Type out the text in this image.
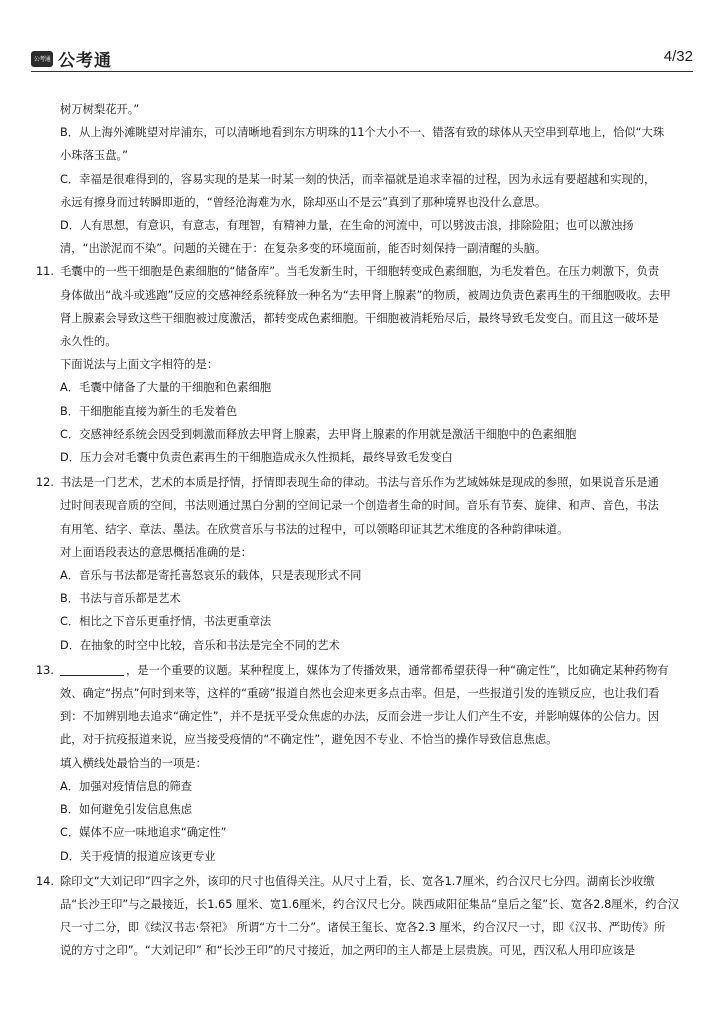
公考通 公考通	4/32
树万树梨花开。”
B．从上海外滩眺望对岸浦东，可以清晰地看到东方明珠的11个大小不一、错落有致的球体从天空串到草地上，恰似“大珠
小珠落玉盘。”
C．幸福是很难得到的，容易实现的是某一时某一刻的快活，而幸福就是追求幸福的过程，因为永远有要超越和实现的，
永远有擦身而过转瞬即逝的，“曾经沧海难为水，除却巫山不是云”真到了那种境界也没什么意思。
D．人有思想，有意识，有意志，有理智，有精神力量，在生命的河流中，可以劈波击浪，排除险阻；也可以激浊扬
清，“出淤泥而不染”。问题的关键在于：在复杂多变的环境面前，能否时刻保持一副清醒的头脑。
11. 毛囊中的一些干细胞是色素细胞的“储备库”。当毛发新生时，干细胞转变成色素细胞，为毛发着色。在压力刺激下，负责
身体做出“战斗或逃跑”反应的交感神经系统释放一种名为“去甲肾上腺素”的物质，被周边负责色素再生的干细胞吸收。去甲
肾上腺素会导致这些干细胞被过度激活，都转变成色素细胞。干细胞被消耗殆尽后，最终导致毛发变白。而且这一破坏是
永久性的。
下面说法与上面文字相符的是：
A．毛囊中储备了大量的干细胞和色素细胞
B．干细胞能直接为新生的毛发着色
C．交感神经系统会因受到刺激而释放去甲肾上腺素，去甲肾上腺素的作用就是激活干细胞中的色素细胞
D．压力会对毛囊中负责色素再生的干细胞造成永久性损耗，最终导致毛发变白
12. 书法是一门艺术，艺术的本质是抒情，抒情即表现生命的律动。书法与音乐作为艺域姊妹是现成的参照，如果说音乐是通
过时间表现音质的空间，书法则通过黑白分割的空间记录一个创造者生命的时间。音乐有节奏、旋律、和声、音色，书法
有用笔、结字、章法、墨法。在欣赏音乐与书法的过程中，可以领略印证其艺术维度的各种韵律味道。
对上面语段表达的意思概括准确的是：
A．音乐与书法都是寄托喜怒哀乐的载体，只是表现形式不同
B．书法与音乐都是艺术
C．相比之下音乐更重抒情，书法更重章法
D．在抽象的时空中比较，音乐和书法是完全不同的艺术
13.	，是一个重要的议题。某种程度上，媒体为了传播效果，通常都希望获得一种“确定性”，比如确定某种药物有
效、确定“拐点”何时到来等，这样的“重磅”报道自然也会迎来更多点击率。但是，一些报道引发的连锁反应，也让我们看
到：不加辨别地去追求“确定性”，并不是抚平受众焦虑的办法，反而会进一步让人们产生不安，并影响媒体的公信力。因
此，对于抗疫报道来说，应当接受疫情的“不确定性”，避免因不专业、不恰当的操作导致信息焦虑。
填入横线处最恰当的一项是：
A．加强对疫情信息的筛查
B．如何避免引发信息焦虑
C．媒体不应一味地追求“确定性”
D．关于疫情的报道应该更专业
14. 除印文“大刘记印”四字之外，该印的尺寸也值得关注。从尺寸上看，长、宽各1.7厘米，约合汉尺七分四。湖南长沙收缴
品“长沙王印”与之最接近，长1.65 厘米、宽1.6厘米，约合汉尺七分。陕西咸阳征集品“皇后之玺”长、宽各2.8厘米，约合汉
尺一寸二分，即《续汉书志·祭祀》 所谓“方十二分”。诸侯王玺长、宽各2.3 厘米，约合汉尺一寸，即《汉书、严助传》所
说的方寸之印”。“大刘记印” 和“长沙王印”的尺寸接近，加之两印的主人都是上层贵族。可见，西汉私人用印应该是
